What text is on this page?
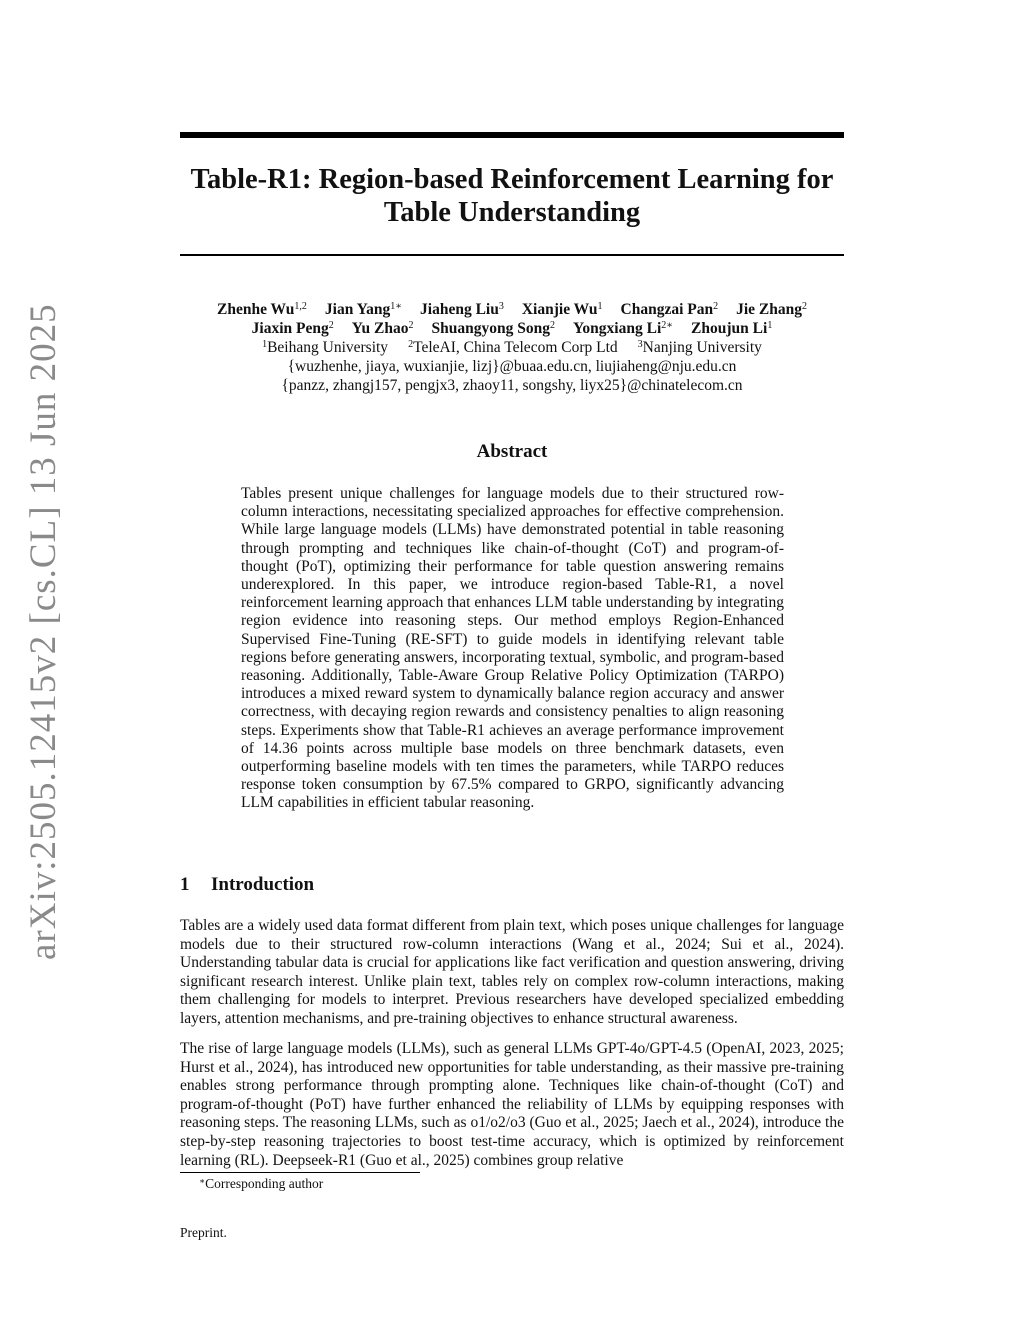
arXiv:2505.12415v2 [cs.CL] 13 Jun 2025
Table-R1: Region-based Reinforcement Learning for
Table Understanding
Zhenhe Wu$^{1,2}$ Jian Yang$^{1∗}$ Jiaheng Liu$^3$ Xianjie Wu$^1$ Changzai Pan$^2$ Jie Zhang$^2$
Jiaxin Peng$^2$ Yu Zhao$^2$ Shuangyong Song$^2$ Yongxiang $Li^{2∗}$ Zhoujun Li$^1$
$^1$Beihang University $^2$TeleAI, China Telecom Corp Ltd $^3$Nanjing University
{wuzhenhe, jiaya, wuxianjie, lizj}@buaa.edu.cn, liujiaheng@nju.edu.cn
{panzz, zhangj157, pengjx3, zhaoy11, songshy, liyx25}@chinatelecom.cn
Abstract
Tables present unique challenges for language models due to their structured row-column interactions, necessitating specialized approaches for effective comprehension. While large language models (LLMs) have demonstrated potential in table reasoning through prompting and techniques like chain-of-thought (CoT) and program-of-thought (PoT), optimizing their performance for table question answering remains underexplored. In this paper, we introduce region-based Table-R1, a novel reinforcement learning approach that enhances LLM table understanding by integrating region evidence into reasoning steps. Our method employs Region-Enhanced Supervised Fine-Tuning (RE-SFT) to guide models in identifying relevant table regions before generating answers, incorporating textual, symbolic, and program-based reasoning. Additionally, Table-Aware Group Relative Policy Optimization (TARPO) introduces a mixed reward system to dynamically balance region accuracy and answer correctness, with decaying region rewards and consistency penalties to align reasoning steps. Experiments show that Table-R1 achieves an average performance improvement of 14.36 points across multiple base models on three benchmark datasets, even outperforming baseline models with ten times the parameters, while TARPO reduces response token consumption by 67.5% compared to GRPO, significantly advancing LLM capabilities in efficient tabular reasoning.
1 Introduction
Tables are a widely used data format different from plain text, which poses unique challenges for language models due to their structured row-column interactions (Wang et al., 2024; Sui et al., 2024). Understanding tabular data is crucial for applications like fact verification and question answering, driving significant research interest. Unlike plain text, tables rely on complex row-column interactions, making them challenging for models to interpret. Previous researchers have developed specialized embedding layers, attention mechanisms, and pre-training objectives to enhance structural awareness.
The rise of large language models (LLMs), such as general LLMs GPT-4o/GPT-4.5 (OpenAI, 2023, 2025; Hurst et al., 2024), has introduced new opportunities for table understanding, as their massive pre-training enables strong performance through prompting alone. Techniques like chain-of-thought (CoT) and program-of-thought (PoT) have further enhanced the reliability of LLMs by equipping responses with reasoning steps. The reasoning LLMs, such as o1/o2/o3 (Guo et al., 2025; Jaech et al., 2024), introduce the step-by-step reasoning trajectories to boost test-time accuracy, which is optimized by reinforcement learning (RL). Deepseek-R1 (Guo et al., 2025) combines group relative
∗Corresponding author
Preprint.
